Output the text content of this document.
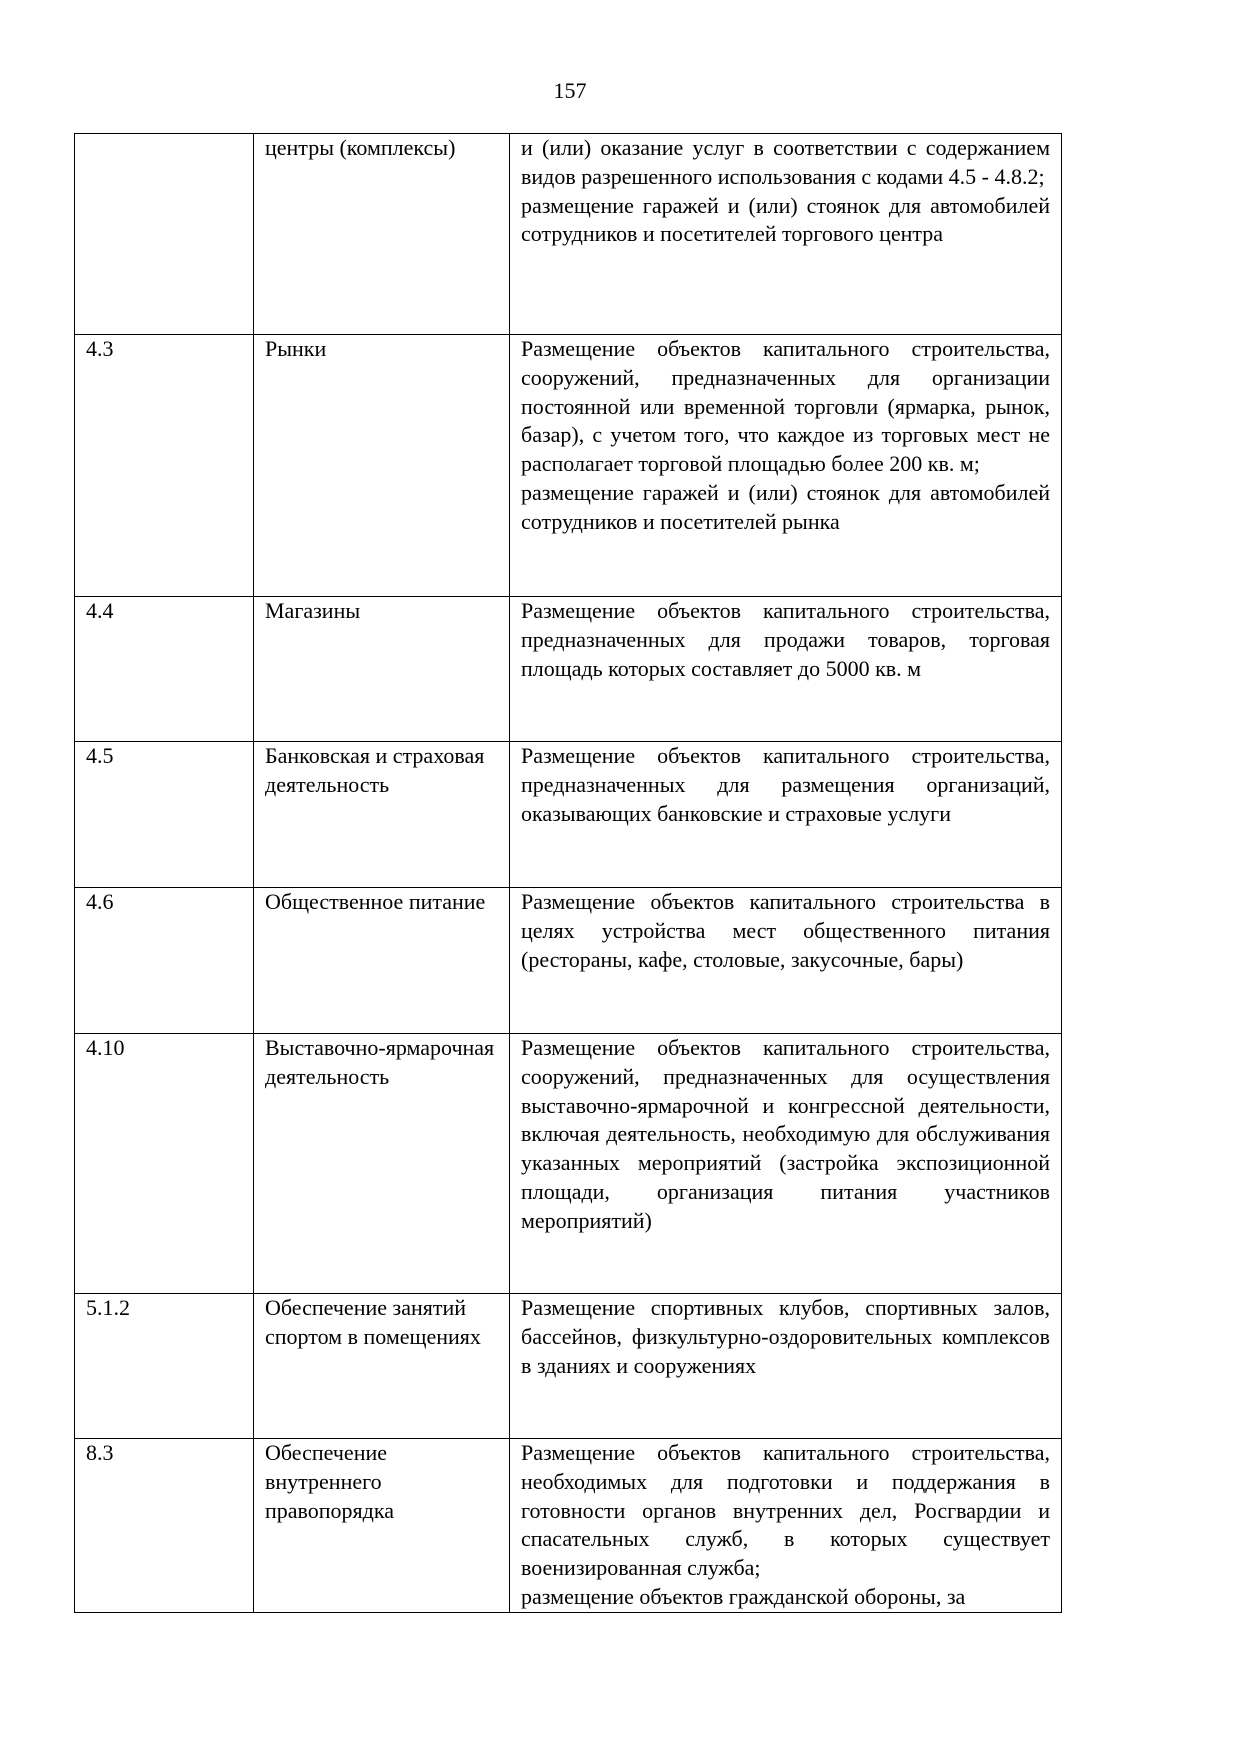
157
	центры (комплексы)	и (или) оказание услуг в соответствии с содержанием видов разрешенного использования с кодами 4.5 - 4.8.2;
размещение гаражей и (или) стоянок для автомобилей сотрудников и посетителей торгового центра

4.3	Рынки	Размещение объектов капитального строительства, сооружений, предназначенных для организации постоянной или временной торговли (ярмарка, рынок, базар), с учетом того, что каждое из торговых мест не располагает торговой площадью более 200 кв. м;
размещение гаражей и (или) стоянок для автомобилей сотрудников и посетителей рынка

4.4	Магазины	Размещение объектов капитального строительства, предназначенных для продажи товаров, торговая площадь которых составляет до 5000 кв. м

4.5	Банковская и страховая деятельность	Размещение объектов капитального строительства, предназначенных для размещения организаций, оказывающих банковские и страховые услуги

4.6	Общественное питание	Размещение объектов капитального строительства в целях устройства мест общественного питания (рестораны, кафе, столовые, закусочные, бары)

4.10	Выставочно-ярмарочная деятельность	Размещение объектов капитального строительства, сооружений, предназначенных для осуществления выставочно-ярмарочной и конгрессной деятельности, включая деятельность, необходимую для обслуживания указанных мероприятий (застройка экспозиционной площади, организация питания участников мероприятий)

5.1.2	Обеспечение занятий спортом в помещениях	Размещение спортивных клубов, спортивных залов, бассейнов, физкультурно-оздоровительных комплексов в зданиях и сооружениях

8.3	Обеспечение внутреннего правопорядка	Размещение объектов капитального строительства, необходимых для подготовки и поддержания в готовности органов внутренних дел, Росгвардии и спасательных служб, в которых существует военизированная служба;
размещение объектов гражданской обороны, за
